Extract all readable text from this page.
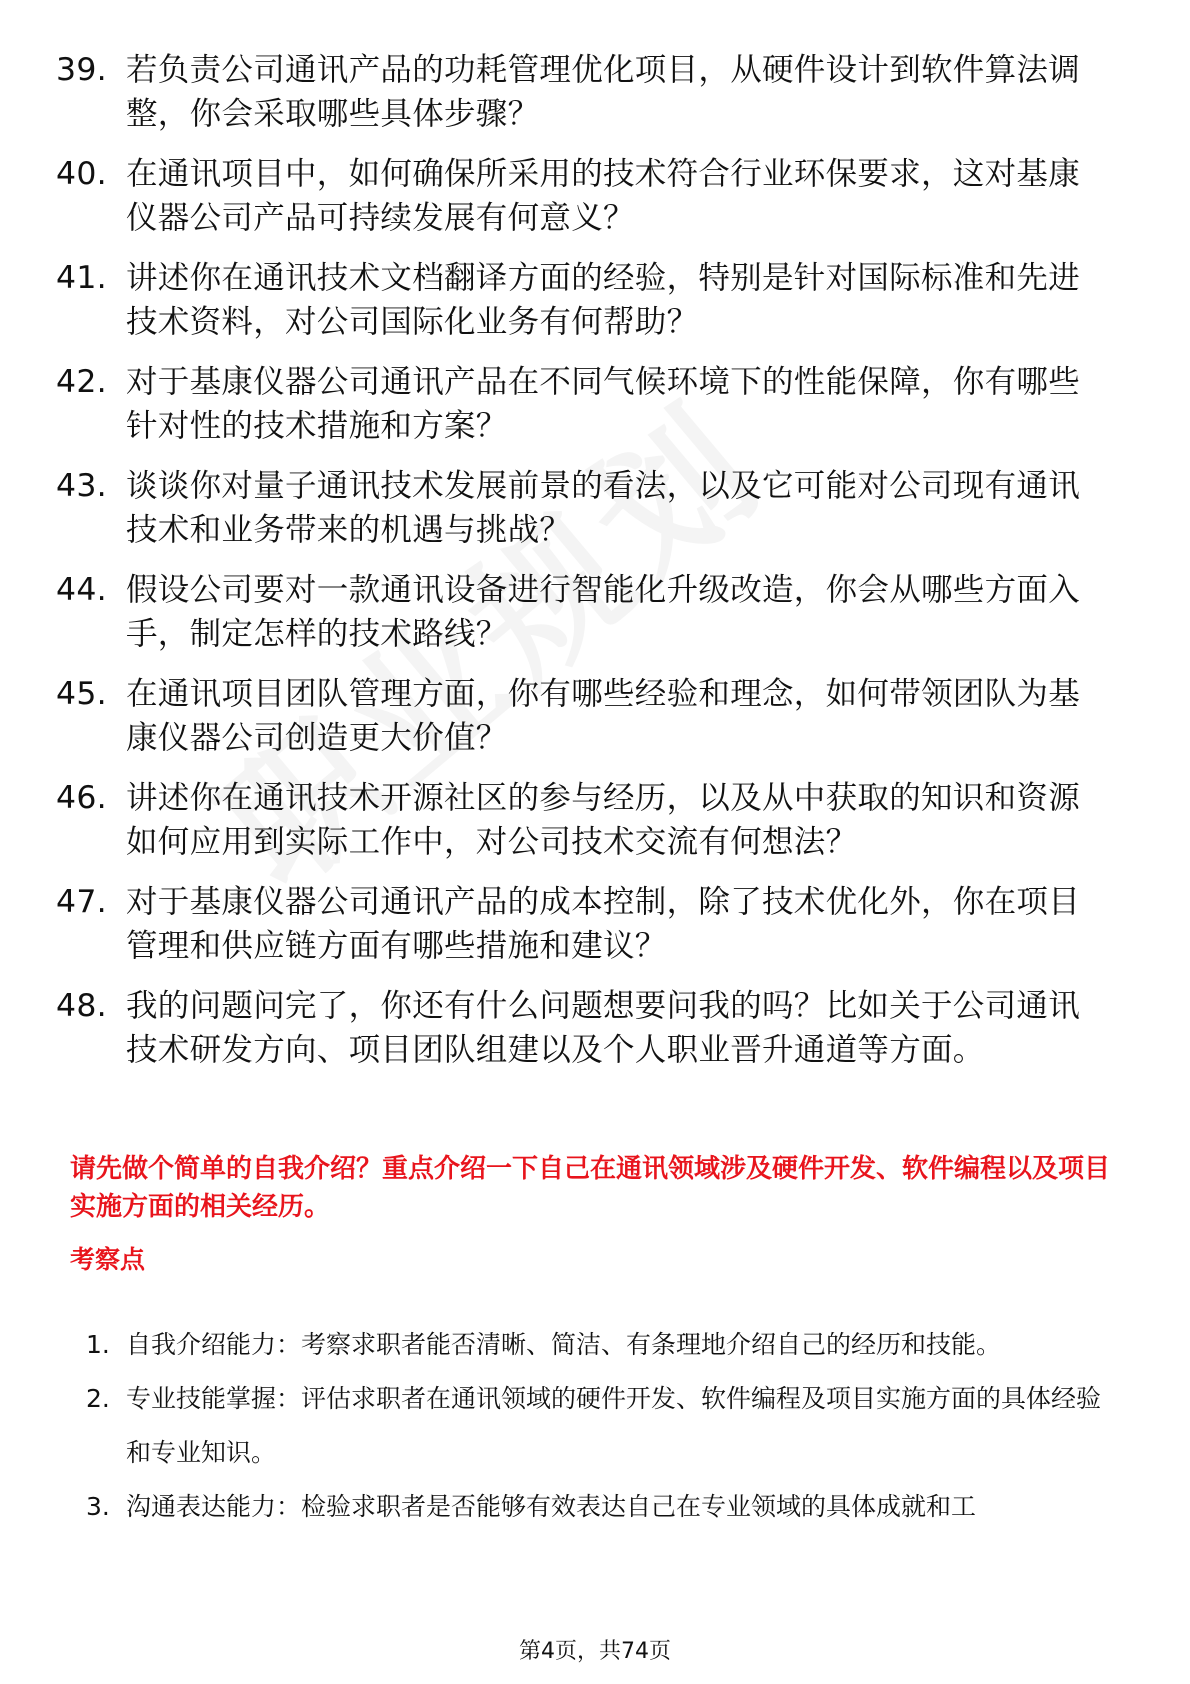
39. 若负责公司通讯产品的功耗管理优化项目，从硬件设计到软件算法调整，你会采取哪些具体步骤？
40. 在通讯项目中，如何确保所采用的技术符合行业环保要求，这对基康仪器公司产品可持续发展有何意义？
41. 讲述你在通讯技术文档翻译方面的经验，特别是针对国际标准和先进技术资料，对公司国际化业务有何帮助？
42. 对于基康仪器公司通讯产品在不同气候环境下的性能保障，你有哪些针对性的技术措施和方案？
43. 谈谈你对量子通讯技术发展前景的看法，以及它可能对公司现有通讯技术和业务带来的机遇与挑战？
44. 假设公司要对一款通讯设备进行智能化升级改造，你会从哪些方面入手，制定怎样的技术路线？
45. 在通讯项目团队管理方面，你有哪些经验和理念，如何带领团队为基康仪器公司创造更大价值？
46. 讲述你在通讯技术开源社区的参与经历，以及从中获取的知识和资源如何应用到实际工作中，对公司技术交流有何想法？
47. 对于基康仪器公司通讯产品的成本控制，除了技术优化外，你在项目管理和供应链方面有哪些措施和建议？
48. 我的问题问完了，你还有什么问题想要问我的吗？比如关于公司通讯技术研发方向、项目团队组建以及个人职业晋升通道等方面。
请先做个简单的自我介绍？重点介绍一下自己在通讯领域涉及硬件开发、软件编程以及项目实施方面的相关经历。
考察点
1. 自我介绍能力：考察求职者能否清晰、简洁、有条理地介绍自己的经历和技能。
2. 专业技能掌握：评估求职者在通讯领域的硬件开发、软件编程及项目实施方面的具体经验和专业知识。
3. 沟通表达能力：检验求职者是否能够有效表达自己在专业领域的具体成就和工
第4页，共74页
